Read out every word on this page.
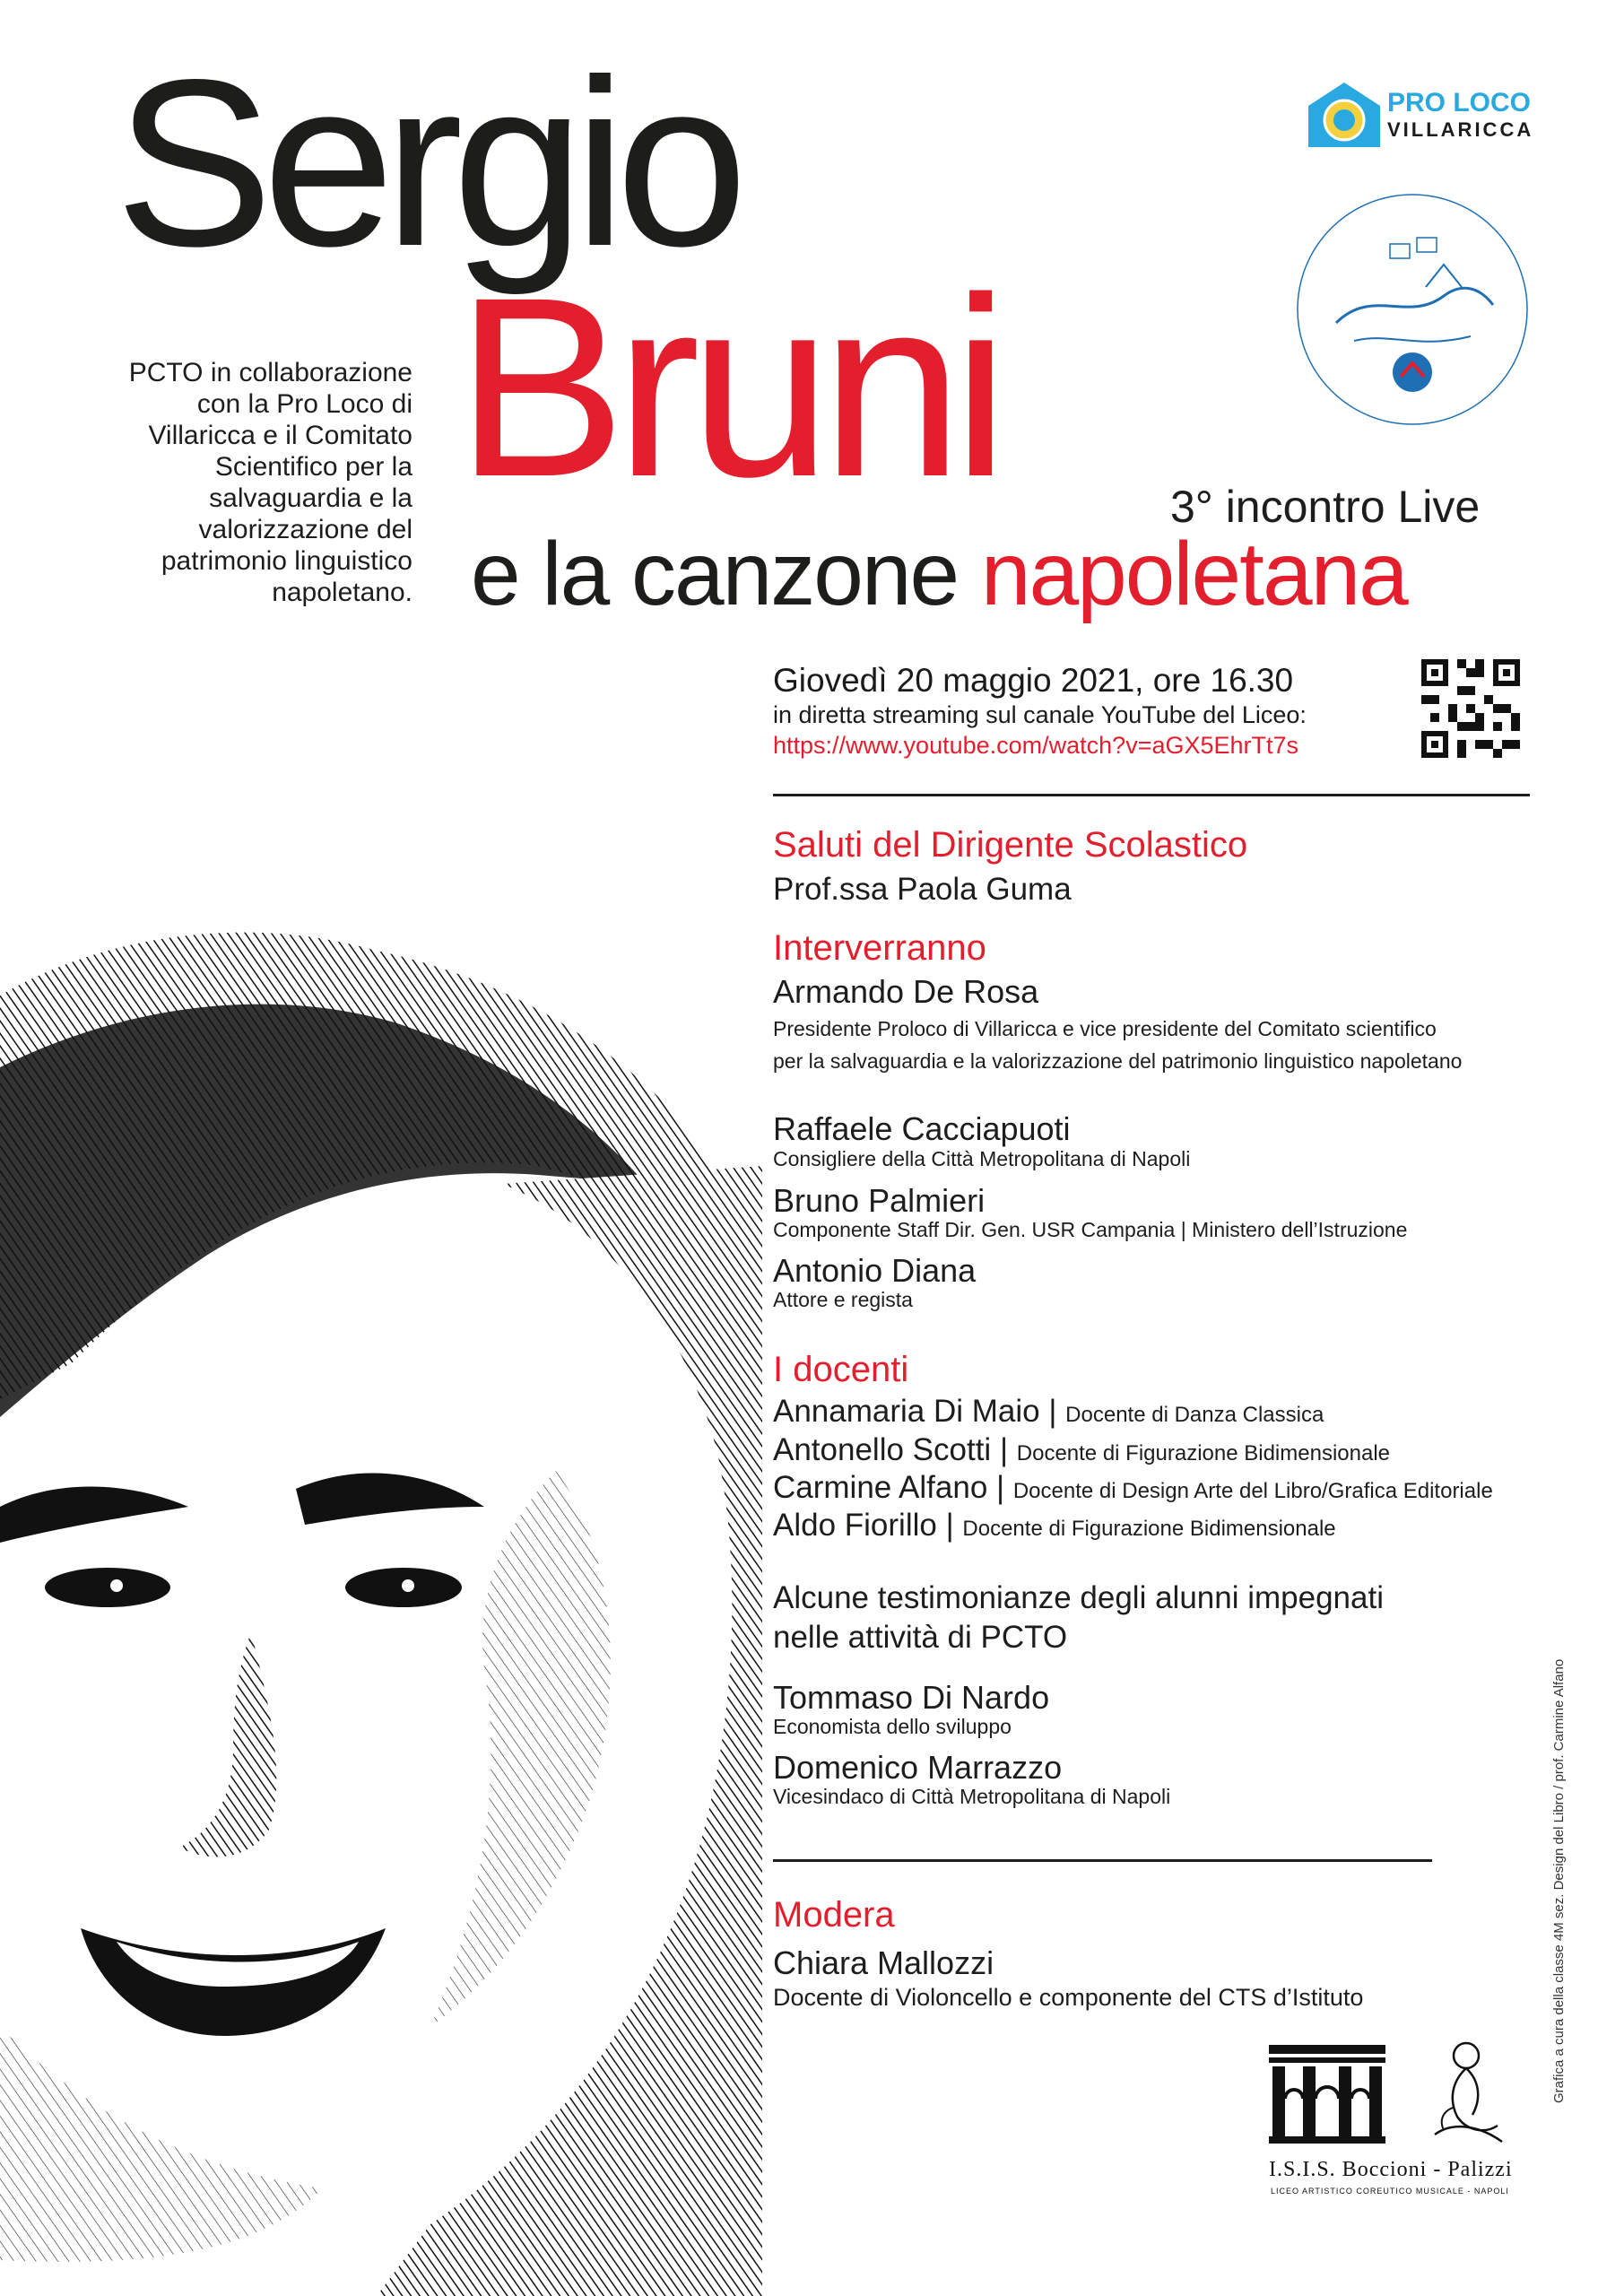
Sergio
Bruni	3° incontro Live
e la canzone napoletana
PCTO in collaborazione
con la Pro Loco di
Villaricca e il Comitato
Scientifico per la
salvaguardia e la
valorizzazione del
patrimonio linguistico
napoletano.
PRO LOCO
VILLARICCA
Giovedì 20 maggio 2021, ore 16.30
in diretta streaming sul canale YouTube del Liceo:
https://www.youtube.com/watch?v=aGX5EhrTt7s
Saluti del Dirigente Scolastico
Prof.ssa Paola Guma
Interverranno
Armando De Rosa
Presidente Proloco di Villaricca e vice presidente del Comitato scientifico
per la salvaguardia e la valorizzazione del patrimonio linguistico napoletano
Raffaele Cacciapuoti
Consigliere della Città Metropolitana di Napoli
Bruno Palmieri
Componente Staff Dir. Gen. USR Campania | Ministero dell’Istruzione
Antonio Diana
Attore e regista
I docenti
Annamaria Di Maio | Docente di Danza Classica
Antonello Scotti | Docente di Figurazione Bidimensionale
Carmine Alfano | Docente di Design Arte del Libro/Grafica Editoriale
Aldo Fiorillo | Docente di Figurazione Bidimensionale
Alcune testimonianze degli alunni impegnati
nelle attività di PCTO
Tommaso Di Nardo
Economista dello sviluppo
Domenico Marrazzo
Vicesindaco di Città Metropolitana di Napoli
Modera
Chiara Mallozzi
Docente di Violoncello e componente del CTS d’Istituto
I.S.I.S. Boccioni - Palizzi
LICEO ARTISTICO COREUTICO MUSICALE - NAPOLI
Grafica a cura della classe 4M sez. Design del Libro / prof. Carmine Alfano
